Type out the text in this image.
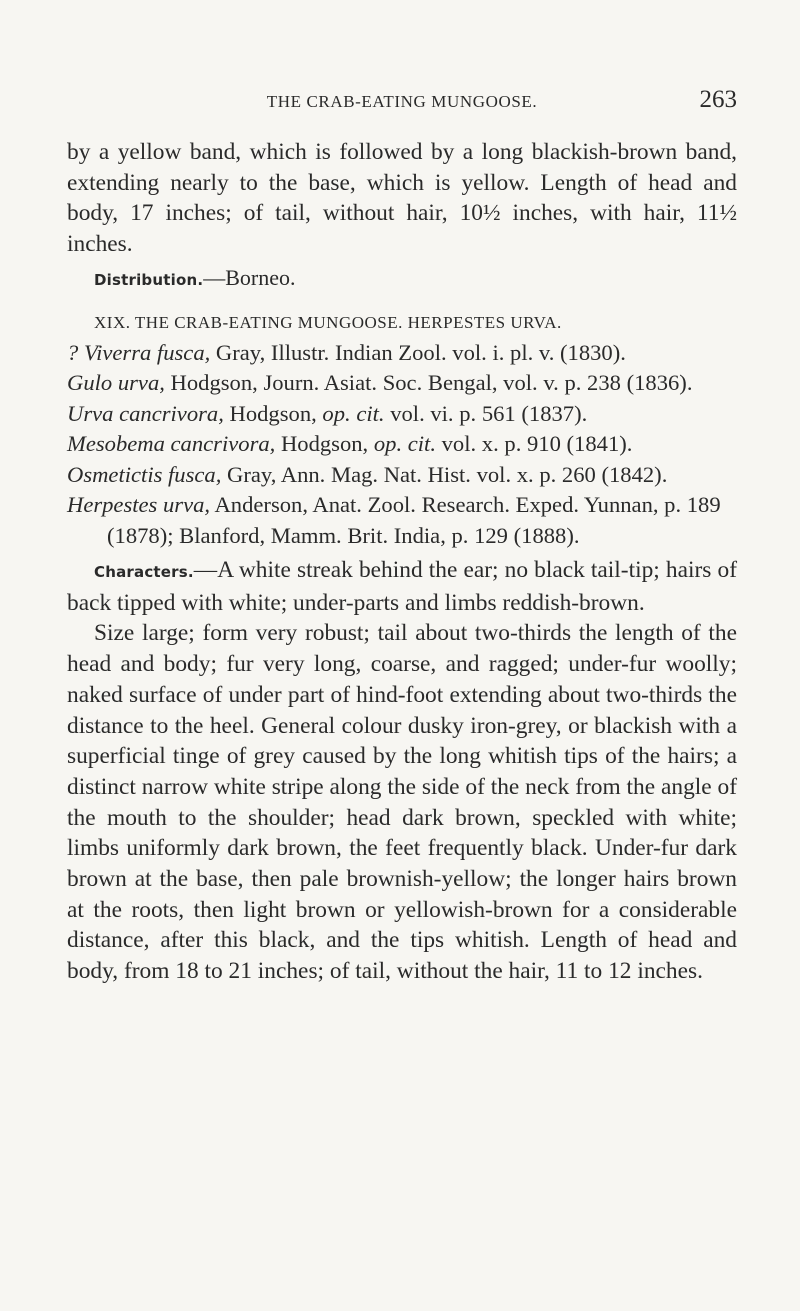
THE CRAB-EATING MUNGOOSE.	263

by a yellow band, which is followed by a long blackish-brown band, extending nearly to the base, which is yellow. Length of head and body, 17 inches; of tail, without hair, 10½ inches, with hair, 11½ inches.

Distribution.—Borneo.

XIX. THE CRAB-EATING MUNGOOSE. HERPESTES URVA.

? Viverra fusca, Gray, Illustr. Indian Zool. vol. i. pl. v. (1830).

Gulo urva, Hodgson, Journ. Asiat. Soc. Bengal, vol. v. p. 238 (1836).

Urva cancrivora, Hodgson, op. cit. vol. vi. p. 561 (1837).

Mesobema cancrivora, Hodgson, op. cit. vol. x. p. 910 (1841).

Osmetictis fusca, Gray, Ann. Mag. Nat. Hist. vol. x. p. 260 (1842).

Herpestes urva, Anderson, Anat. Zool. Research. Exped. Yunnan, p. 189 (1878); Blanford, Mamm. Brit. India, p. 129 (1888).

Characters.—A white streak behind the ear; no black tail-tip; hairs of back tipped with white; under-parts and limbs reddish-brown.

Size large; form very robust; tail about two-thirds the length of the head and body; fur very long, coarse, and ragged; under-fur woolly; naked surface of under part of hind-foot extending about two-thirds the distance to the heel. General colour dusky iron-grey, or blackish with a superficial tinge of grey caused by the long whitish tips of the hairs; a distinct narrow white stripe along the side of the neck from the angle of the mouth to the shoulder; head dark brown, speckled with white; limbs uniformly dark brown, the feet frequently black. Under-fur dark brown at the base, then pale brownish-yellow; the longer hairs brown at the roots, then light brown or yellowish-brown for a considerable distance, after this black, and the tips whitish. Length of head and body, from 18 to 21 inches; of tail, without the hair, 11 to 12 inches.
